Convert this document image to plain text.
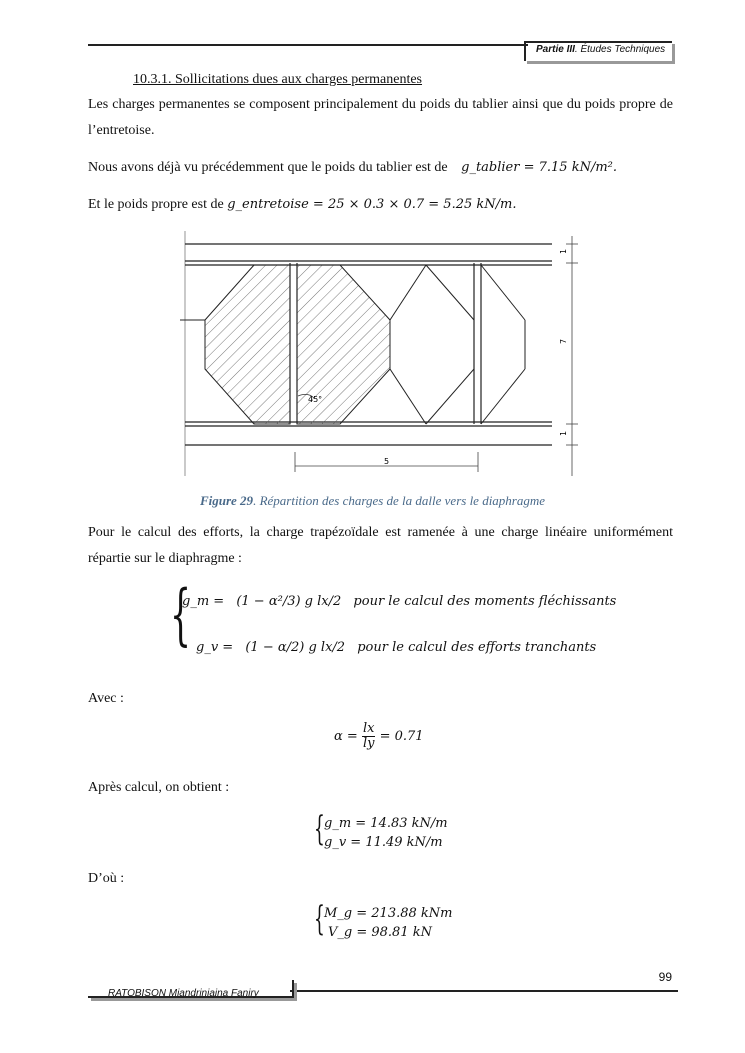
Partie III. Études Techniques
10.3.1. Sollicitations dues aux charges permanentes
Les charges permanentes se composent principalement du poids du tablier ainsi que du poids propre de l’entretoise.
Nous avons déjà vu précédemment que le poids du tablier est de g_tablier = 7.15 kN/m².
Et le poids propre est de g_entretoise = 25 × 0.3 × 0.7 = 5.25 kN/m.
45°
1
7
1
5
Figure 29. Répartition des charges de la dalle vers le diaphragme
Pour le calcul des efforts, la charge trapézoïdale est ramenée à une charge linéaire uniformément répartie sur le diaphragme :
{
g_m = (1 − α²/3) g lx/2 pour le calcul des moments fléchissants
g_v = (1 − α/2) g lx/2 pour le calcul des efforts tranchants
Avec :
$\alpha = \frac{lx}{ly} = 0.71$
Après calcul, on obtient :
{ g_m = 14.83 kN/m
g_v = 11.49 kN/m
D’où :
{ M_g = 213.88 kNm
V_g = 98.81 kN
99
RATOBISON Miandriniaina Faniry
